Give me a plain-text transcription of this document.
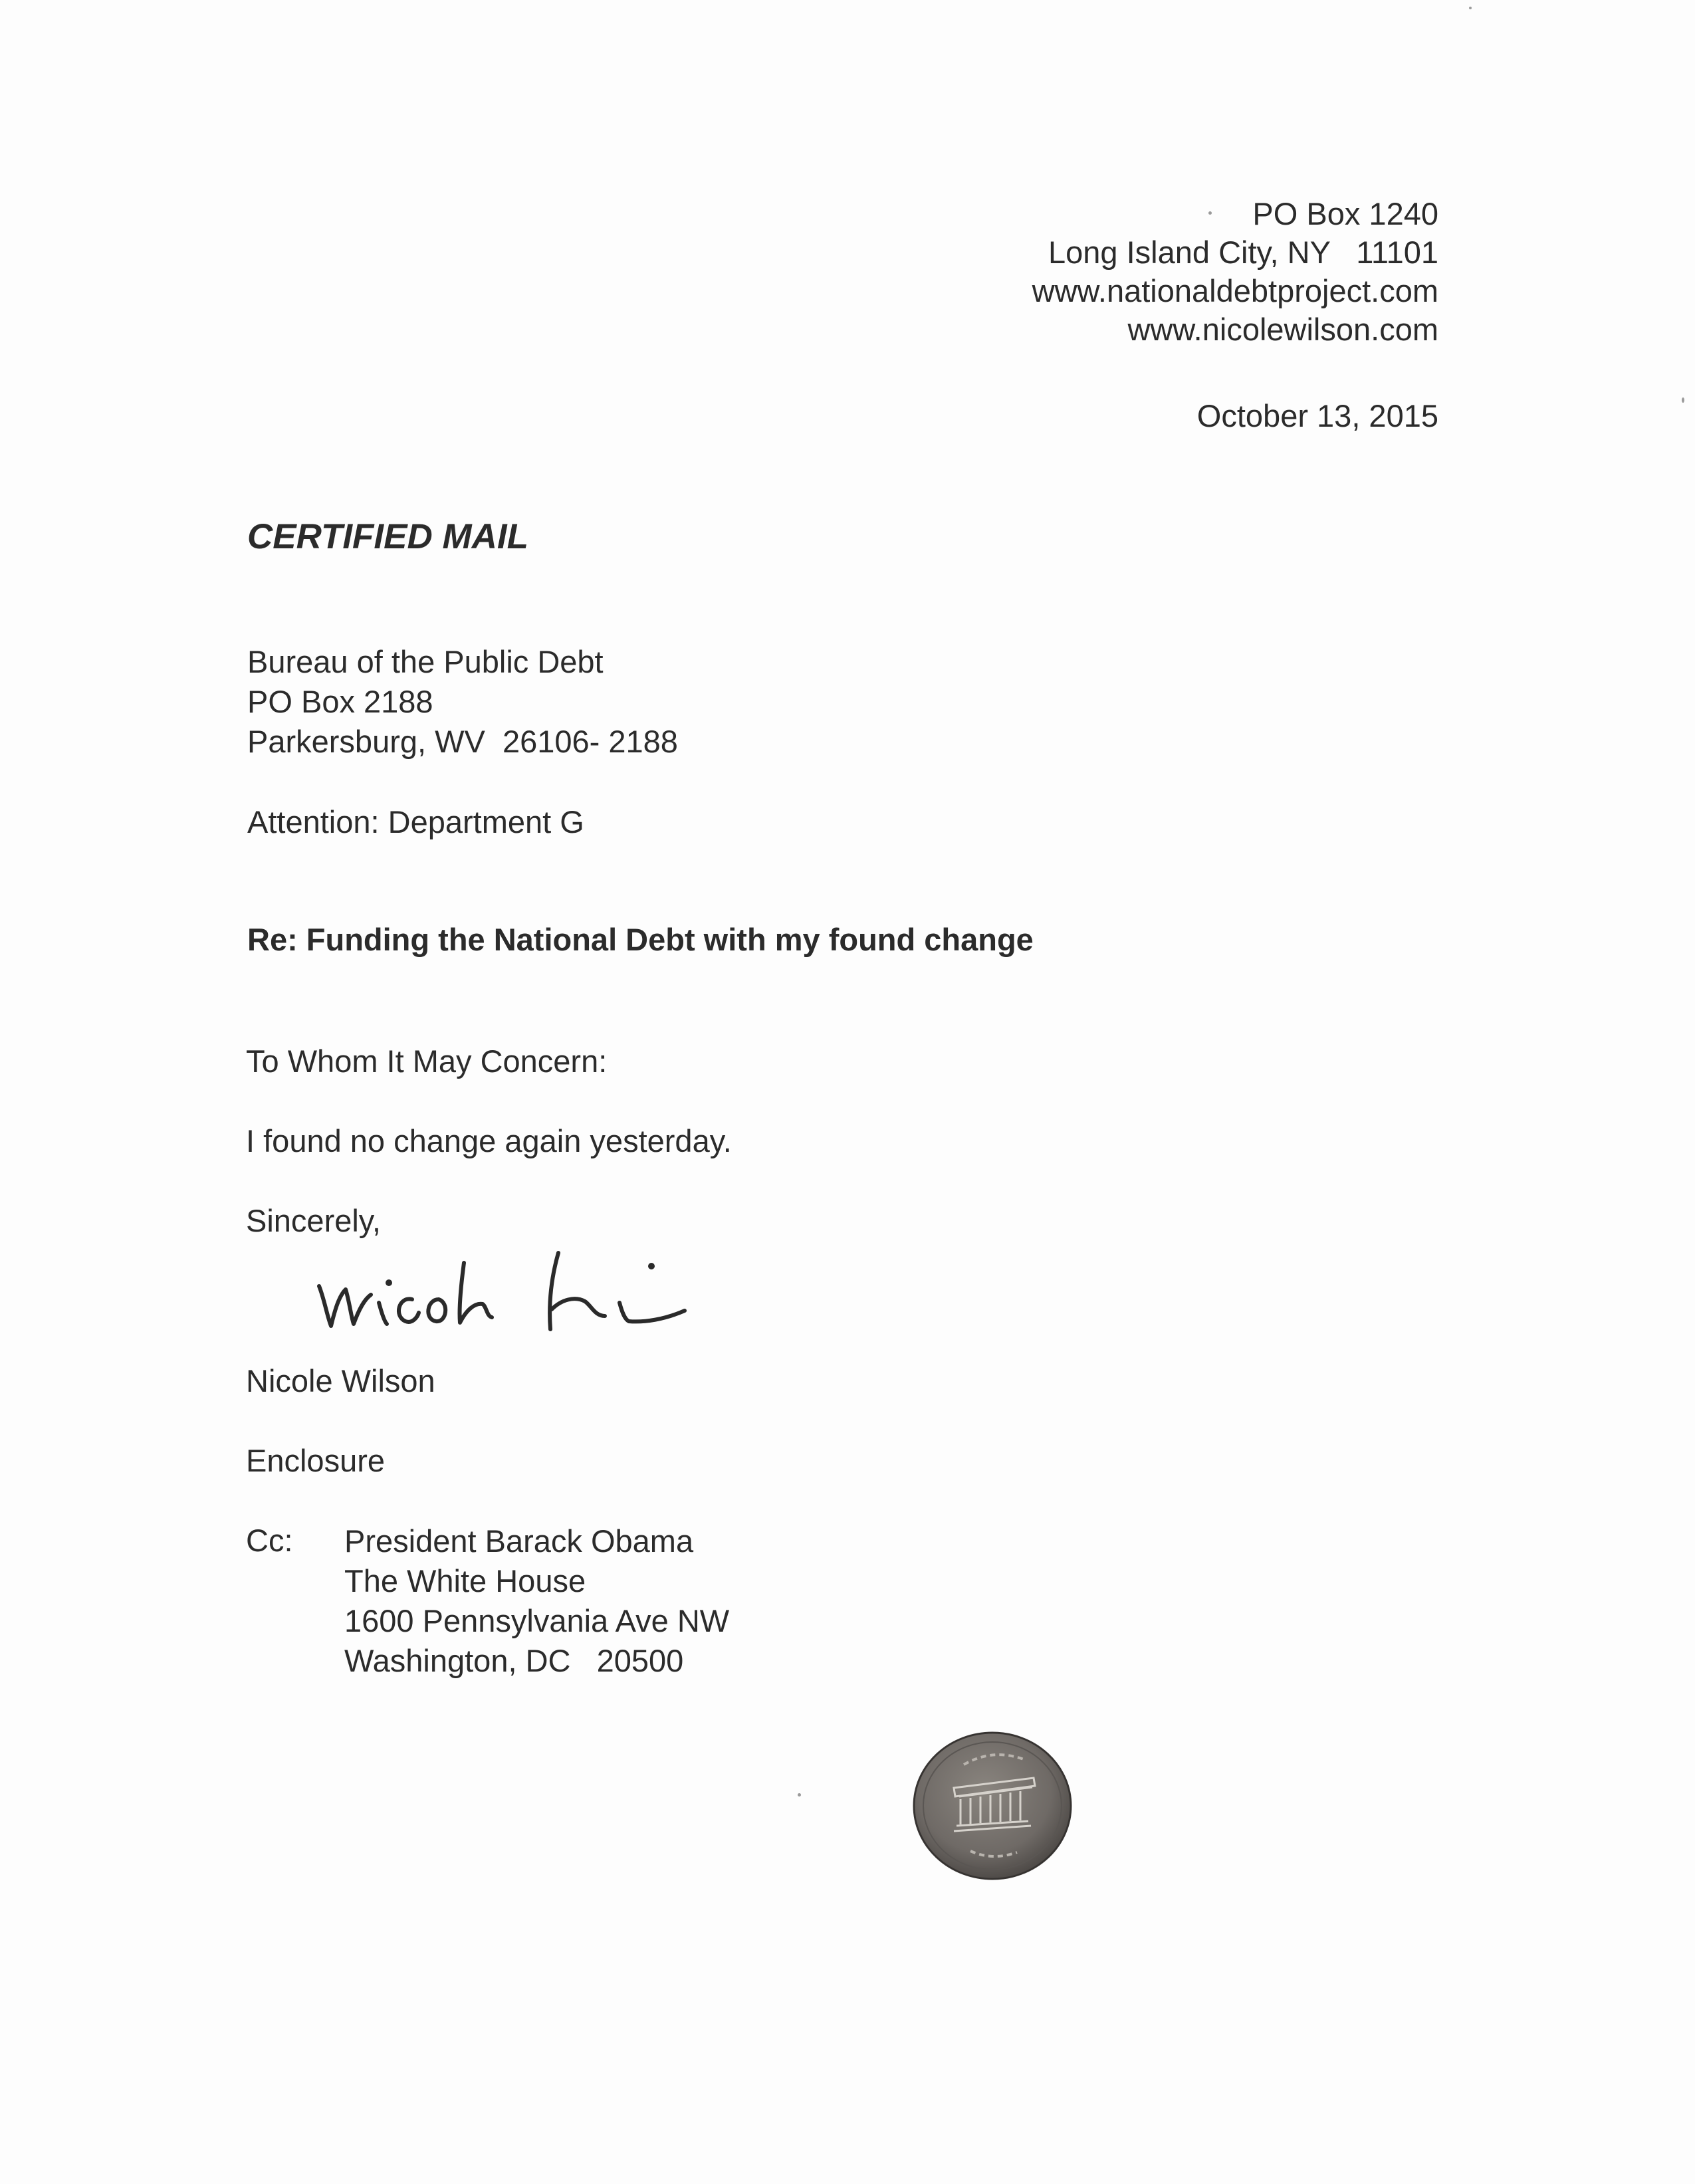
PO Box 1240
Long Island City, NY   11101
www.nationaldebtproject.com
www.nicolewilson.com
October 13, 2015
CERTIFIED MAIL
Bureau of the Public Debt
PO Box 2188
Parkersburg, WV  26106- 2188
Attention: Department G
Re: Funding the National Debt with my found change
To Whom It May Concern:
I found no change again yesterday.
Sincerely,
Nicole Wilson
Enclosure
Cc: President Barack Obama
The White House
1600 Pennsylvania Ave NW
Washington, DC   20500
